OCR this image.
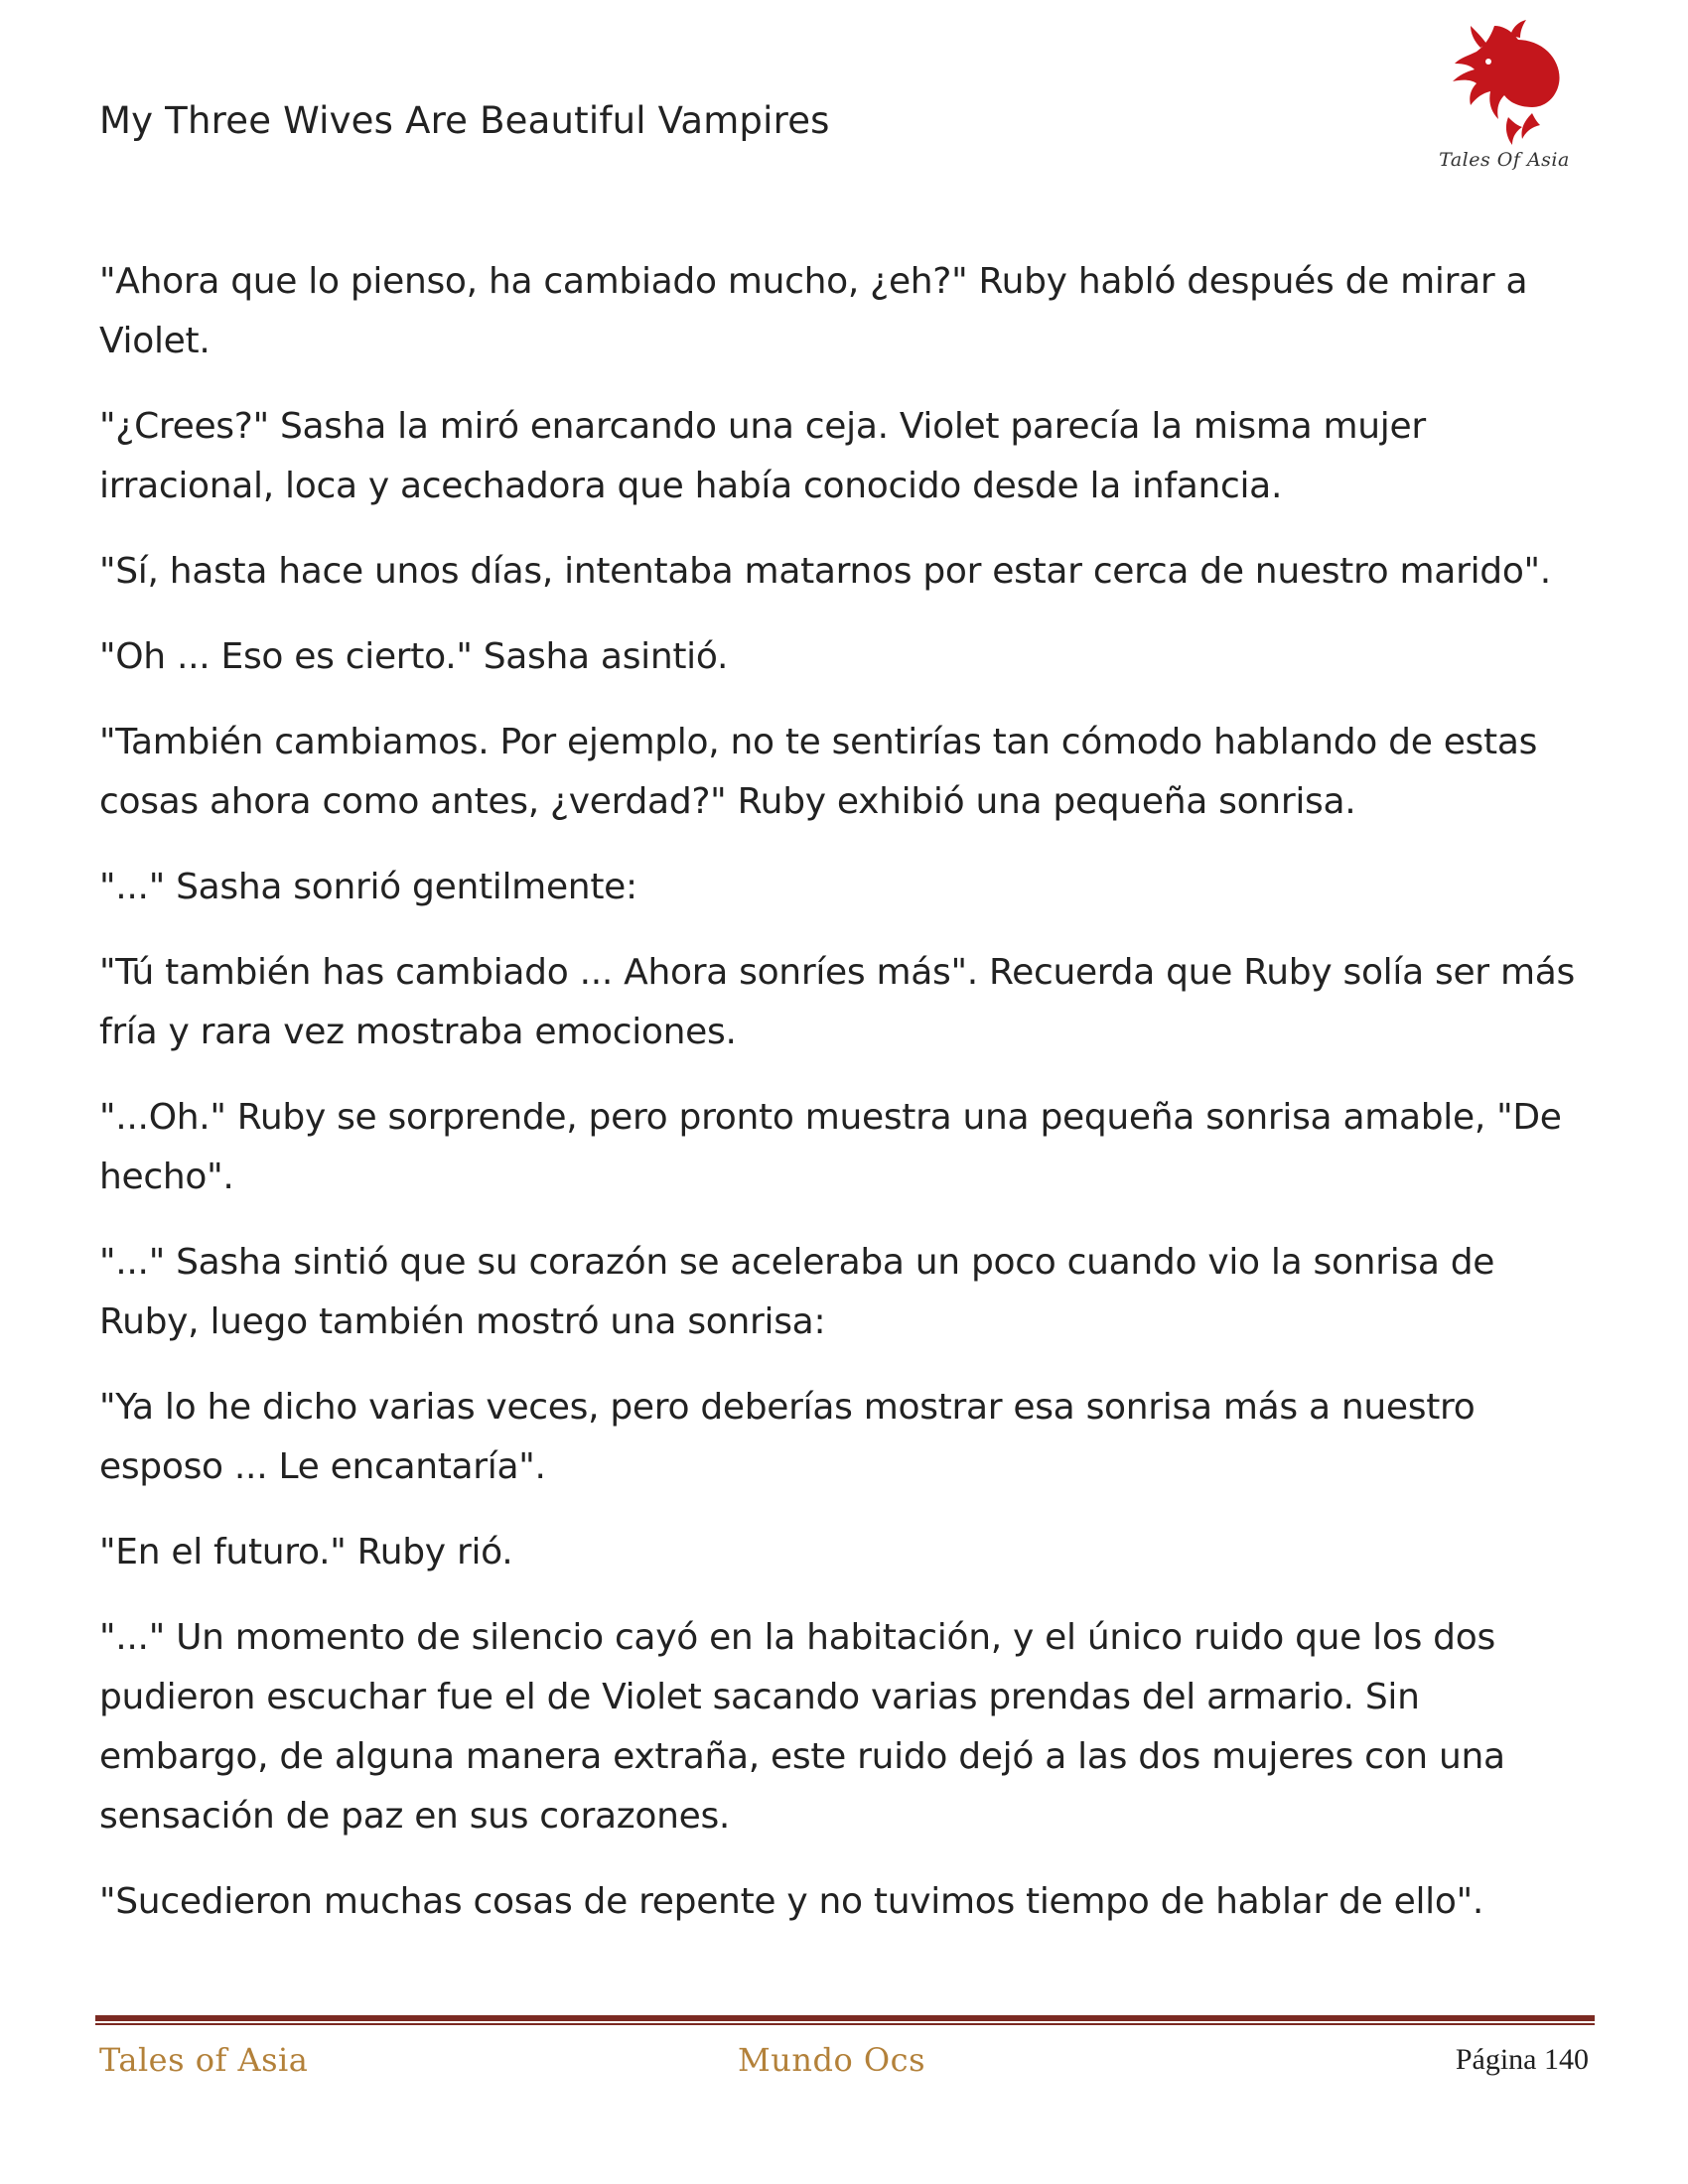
My Three Wives Are Beautiful Vampires
Tales Of Asia

"Ahora que lo pienso, ha cambiado mucho, ¿eh?" Ruby habló después de mirar a Violet.

"¿Crees?" Sasha la miró enarcando una ceja. Violet parecía la misma mujer irracional, loca y acechadora que había conocido desde la infancia.

"Sí, hasta hace unos días, intentaba matarnos por estar cerca de nuestro marido".

"Oh ... Eso es cierto." Sasha asintió.

"También cambiamos. Por ejemplo, no te sentirías tan cómodo hablando de estas cosas ahora como antes, ¿verdad?" Ruby exhibió una pequeña sonrisa.

"..." Sasha sonrió gentilmente:

"Tú también has cambiado ... Ahora sonríes más". Recuerda que Ruby solía ser más fría y rara vez mostraba emociones.

"...Oh." Ruby se sorprende, pero pronto muestra una pequeña sonrisa amable, "De hecho".

"..." Sasha sintió que su corazón se aceleraba un poco cuando vio la sonrisa de Ruby, luego también mostró una sonrisa:

"Ya lo he dicho varias veces, pero deberías mostrar esa sonrisa más a nuestro esposo ... Le encantaría".

"En el futuro." Ruby rió.

"..." Un momento de silencio cayó en la habitación, y el único ruido que los dos pudieron escuchar fue el de Violet sacando varias prendas del armario. Sin embargo, de alguna manera extraña, este ruido dejó a las dos mujeres con una sensación de paz en sus corazones.

"Sucedieron muchas cosas de repente y no tuvimos tiempo de hablar de ello".

Tales of Asia	Mundo Ocs	Página 140
